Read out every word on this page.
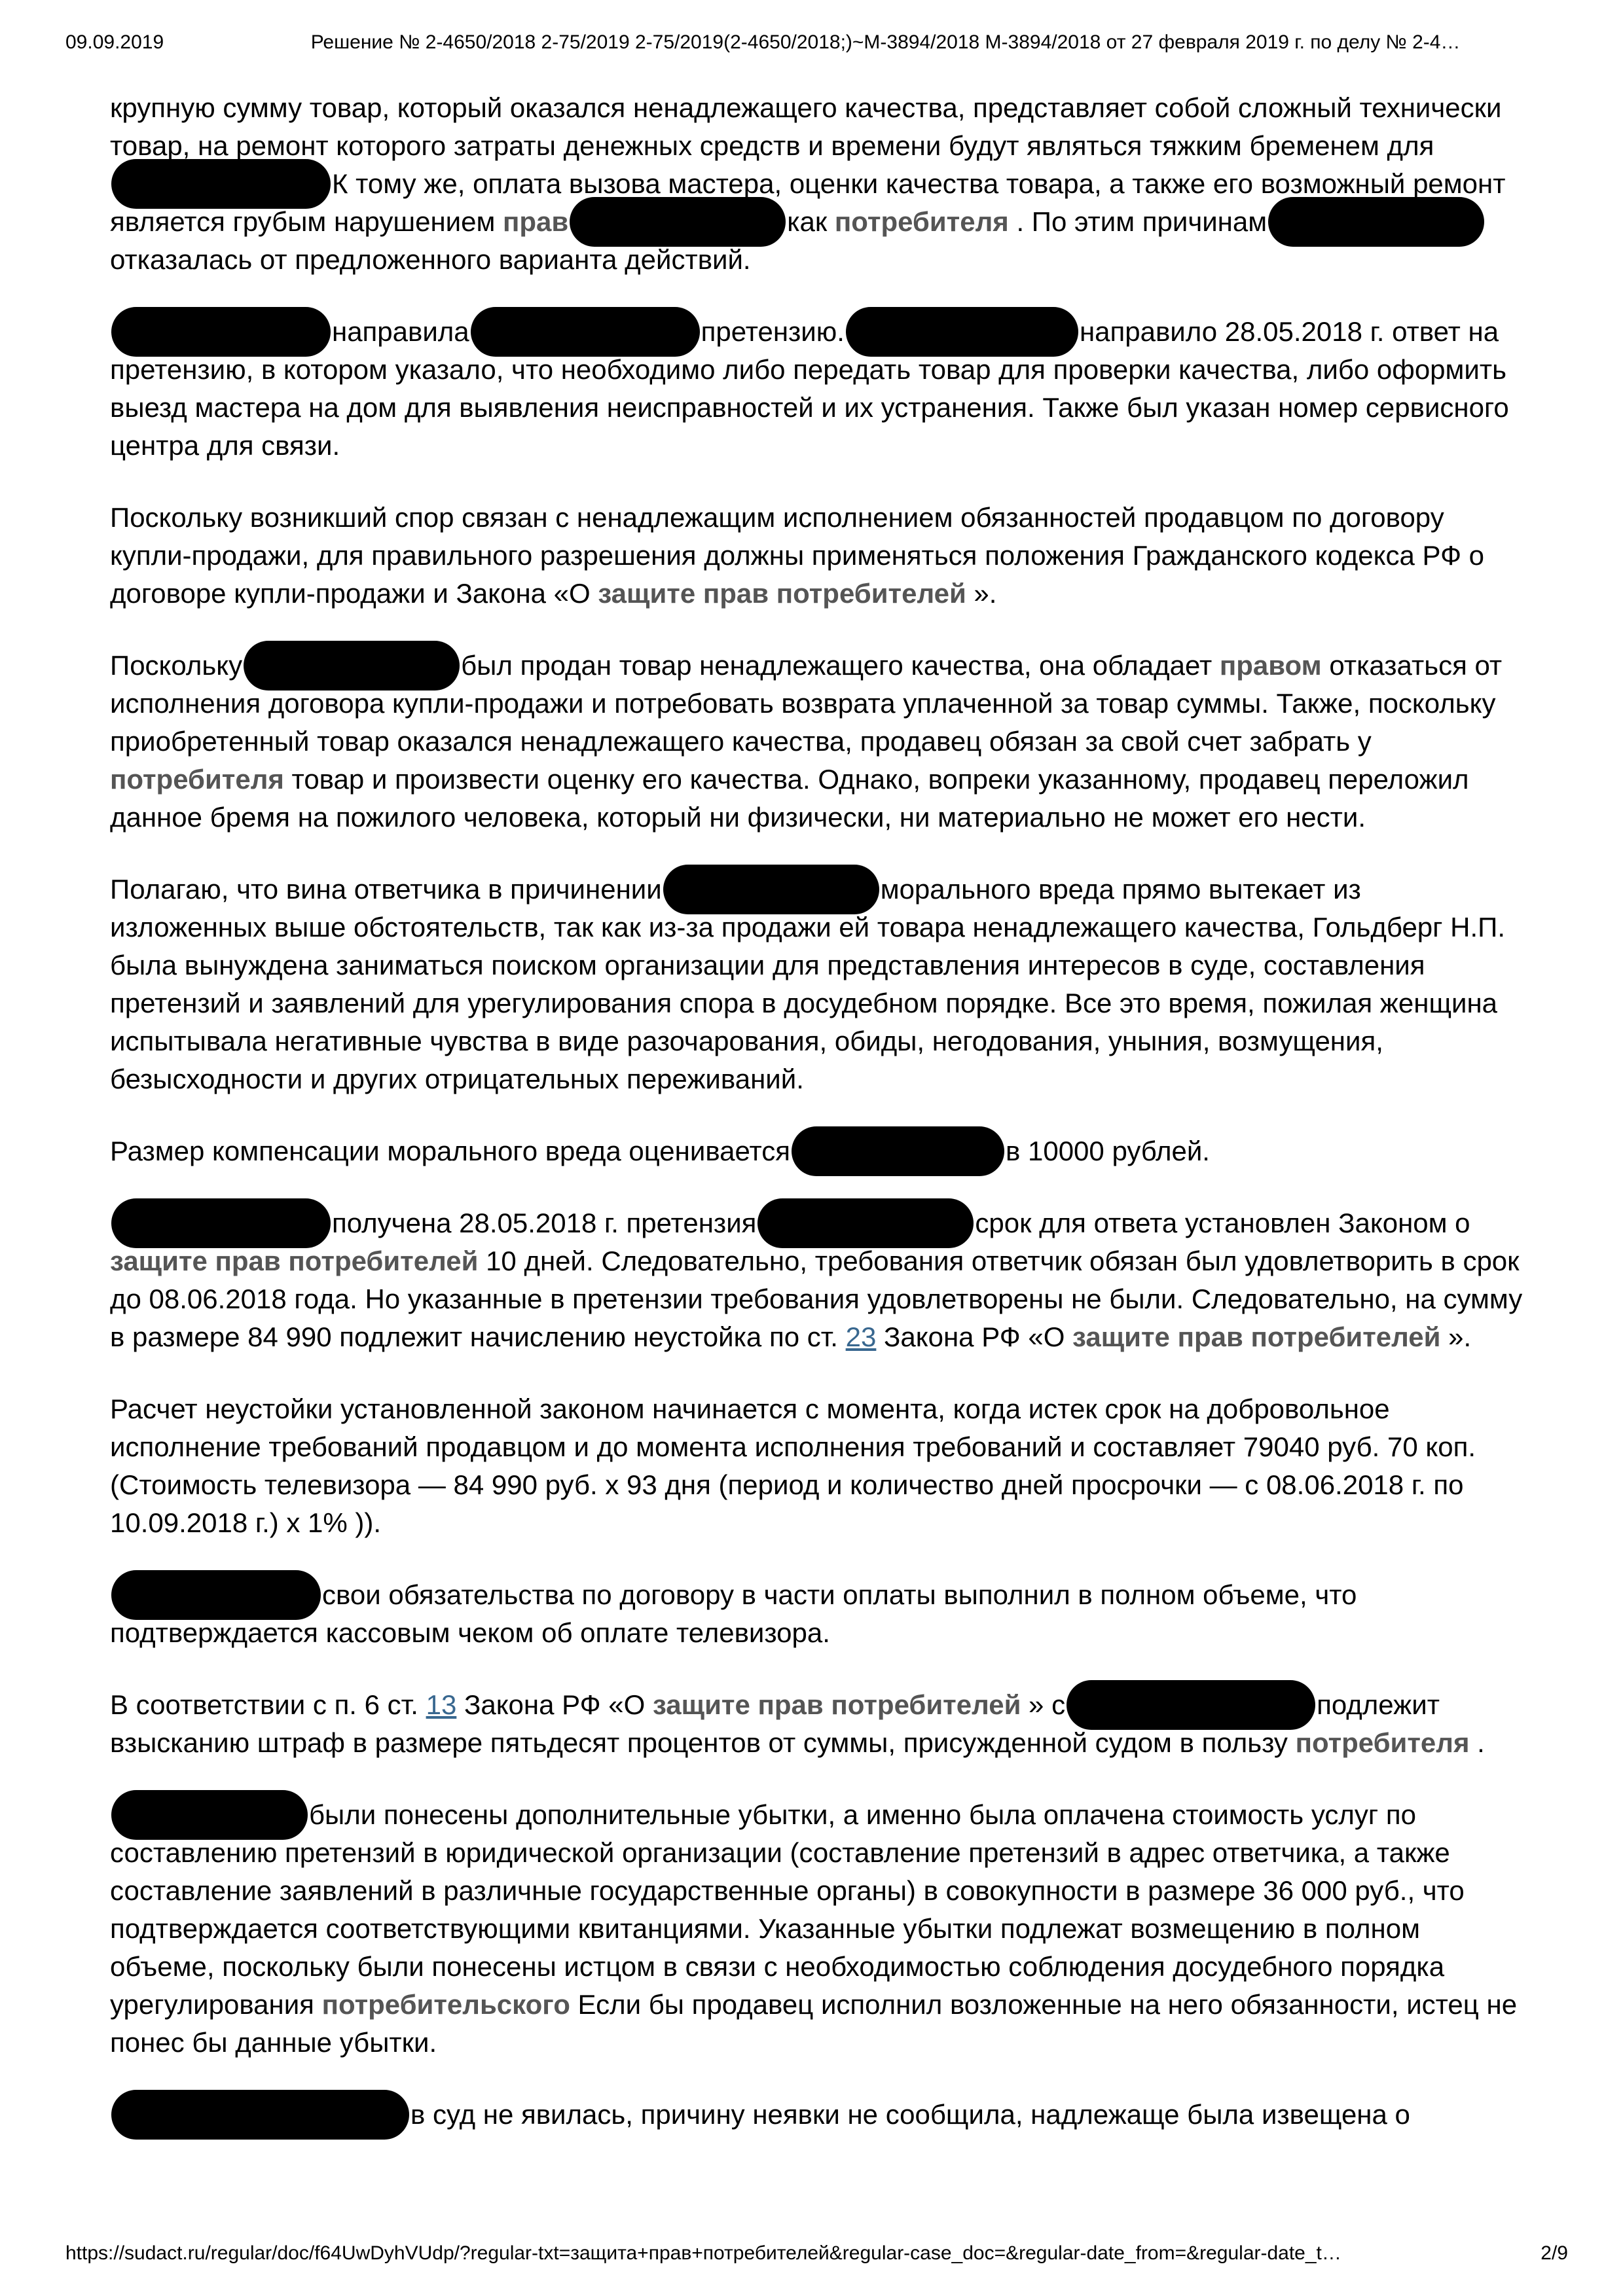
09.09.2019	Решение № 2-4650/2018 2-75/2019 2-75/2019(2-4650/2018;)~М-3894/2018 М-3894/2018 от 27 февраля 2019 г. по делу № 2-4…

крупную сумму товар, который оказался ненадлежащего качества, представляет собой сложный технически товар, на ремонт которого затраты денежных средств и времени будут являться тяжким бременем для К тому же, оплата вызова мастера, оценки качества товара, а также его возможный ремонт является грубым нарушением прав	как потребителя . По этим причинамотказалась от предложенного варианта действий.

направила	претензию.	направило 28.05.2018 г. ответ на претензию, в котором указало, что необходимо либо передать товар для проверки качества, либо оформить выезд мастера на дом для выявления неисправностей и их устранения. Также был указан номер сервисного центра для связи.

Поскольку возникший спор связан с ненадлежащим исполнением обязанностей продавцом по договору купли-продажи, для правильного разрешения должны применяться положения Гражданского кодекса РФ о договоре купли-продажи и Закона «О защите прав потребителей ».

Поскольку	был продан товар ненадлежащего качества, она обладает правом отказаться от исполнения договора купли-продажи и потребовать возврата уплаченной за товар суммы. Также, поскольку приобретенный товар оказался ненадлежащего качества, продавец обязан за свой счет забрать у потребителя товар и произвести оценку его качества. Однако, вопреки указанному, продавец переложил данное бремя на пожилого человека, который ни физически, ни материально не может его нести.

Полагаю, что вина ответчика в причинении	морального вреда прямо вытекает из изложенных выше обстоятельств, так как из-за продажи ей товара ненадлежащего качества, Гольдберг Н.П. была вынуждена заниматься поиском организации для представления интересов в суде, составления претензий и заявлений для урегулирования спора в досудебном порядке. Все это время, пожилая женщина испытывала негативные чувства в виде разочарования, обиды, негодования, уныния, возмущения, безысходности и других отрицательных переживаний.

Размер компенсации морального вреда оценивается	в 10000 рублей.

получена 28.05.2018 г. претензия	срок для ответа установлен Законом о защите прав потребителей 10 дней. Следовательно, требования ответчик обязан был удовлетворить в срок до 08.06.2018 года. Но указанные в претензии требования удовлетворены не были. Следовательно, на сумму в размере 84 990 подлежит начислению неустойка по ст. 23 Закона РФ «О защите прав потребителей ».

Расчет неустойки установленной законом начинается с момента, когда истек срок на добровольное исполнение требований продавцом и до момента исполнения требований и составляет 79040 руб. 70 коп. (Стоимость телевизора — 84 990 руб. х 93 дня (период и количество дней просрочки — с 08.06.2018 г. по 10.09.2018 г.) х 1% )).

свои обязательства по договору в части оплаты выполнил в полном объеме, что подтверждается кассовым чеком об оплате телевизора.

В соответствии с п. 6 ст. 13 Закона РФ «О защите прав потребителей » с	подлежит взысканию штраф в размере пятьдесят процентов от суммы, присужденной судом в пользу потребителя .

были понесены дополнительные убытки, а именно была оплачена стоимость услуг по составлению претензий в юридической организации (составление претензий в адрес ответчика, а также составление заявлений в различные государственные органы) в совокупности в размере 36 000 руб., что подтверждается соответствующими квитанциями. Указанные убытки подлежат возмещению в полном объеме, поскольку были понесены истцом в связи с необходимостью соблюдения досудебного порядка урегулирования потребительского Если бы продавец исполнил возложенные на него обязанности, истец не понес бы данные убытки.

в суд не явилась, причину неявки не сообщила, надлежаще была извещена о

https://sudact.ru/regular/doc/f64UwDyhVUdp/?regular-txt=защита+прав+потребителей&regular-case_doc=&regular-date_from=&regular-date_t…	2/9
